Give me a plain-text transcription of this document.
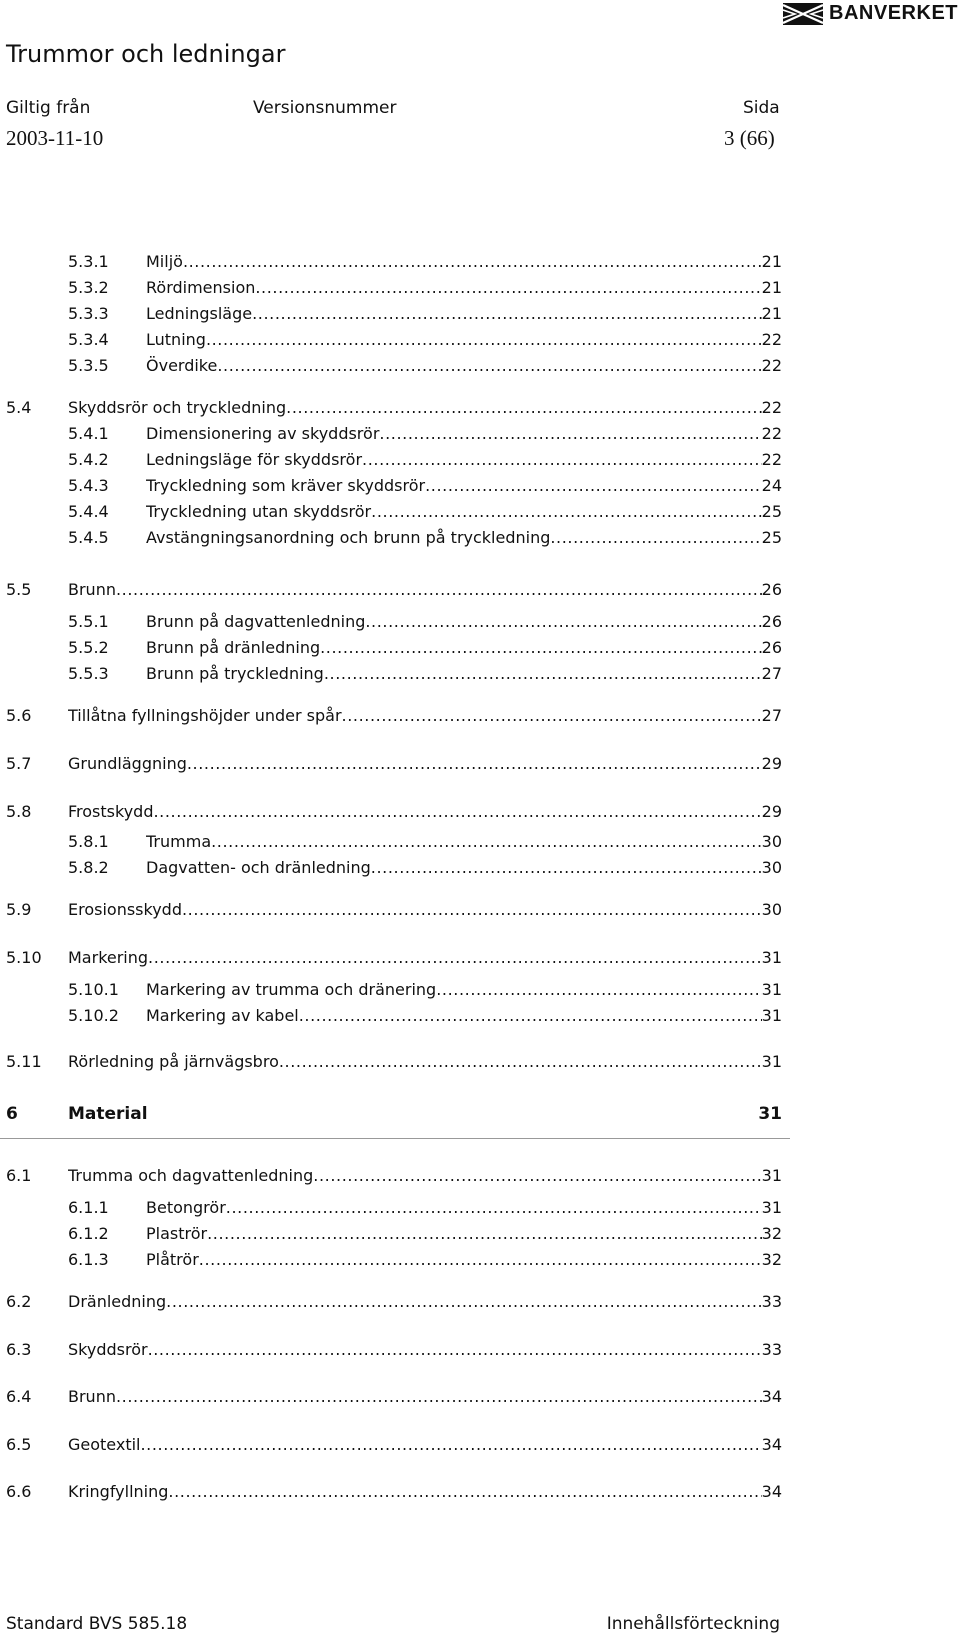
BANVERKET
Trummor och ledningar
Giltig från	Versionsnummer	Sida
2003-11-10	3 (66)
5.3.1	Miljö .....	21
5.3.2	Rördimension .....	21
5.3.3	Ledningsläge .....	21
5.3.4	Lutning .....	22
5.3.5	Överdike .....	22
5.4	Skyddsrör och tryckledning .....	22
5.4.1	Dimensionering av skyddsrör .....	22
5.4.2	Ledningsläge för skyddsrör .....	22
5.4.3	Tryckledning som kräver skyddsrör .....	24
5.4.4	Tryckledning utan skyddsrör .....	25
5.4.5	Avstängningsanordning och brunn på tryckledning .....	25
5.5	Brunn .....	26
5.5.1	Brunn på dagvattenledning .....	26
5.5.2	Brunn på dränledning .....	26
5.5.3	Brunn på tryckledning .....	27
5.6	Tillåtna fyllningshöjder under spår .....	27
5.7	Grundläggning .....	29
5.8	Frostskydd .....	29
5.8.1	Trumma .....	30
5.8.2	Dagvatten- och dränledning .....	30
5.9	Erosionsskydd .....	30
5.10	Markering .....	31
5.10.1	Markering av trumma och dränering .....	31
5.10.2	Markering av kabel .....	31
5.11	Rörledning på järnvägsbro .....	31
6	Material	31
6.1	Trumma och dagvattenledning .....	31
6.1.1	Betongrör .....	31
6.1.2	Plaströr .....	32
6.1.3	Plåtrör .....	32
6.2	Dränledning .....	33
6.3	Skyddsrör .....	33
6.4	Brunn .....	34
6.5	Geotextil .....	34
6.6	Kringfyllning .....	34
Standard BVS 585.18	Innehållsförteckning
